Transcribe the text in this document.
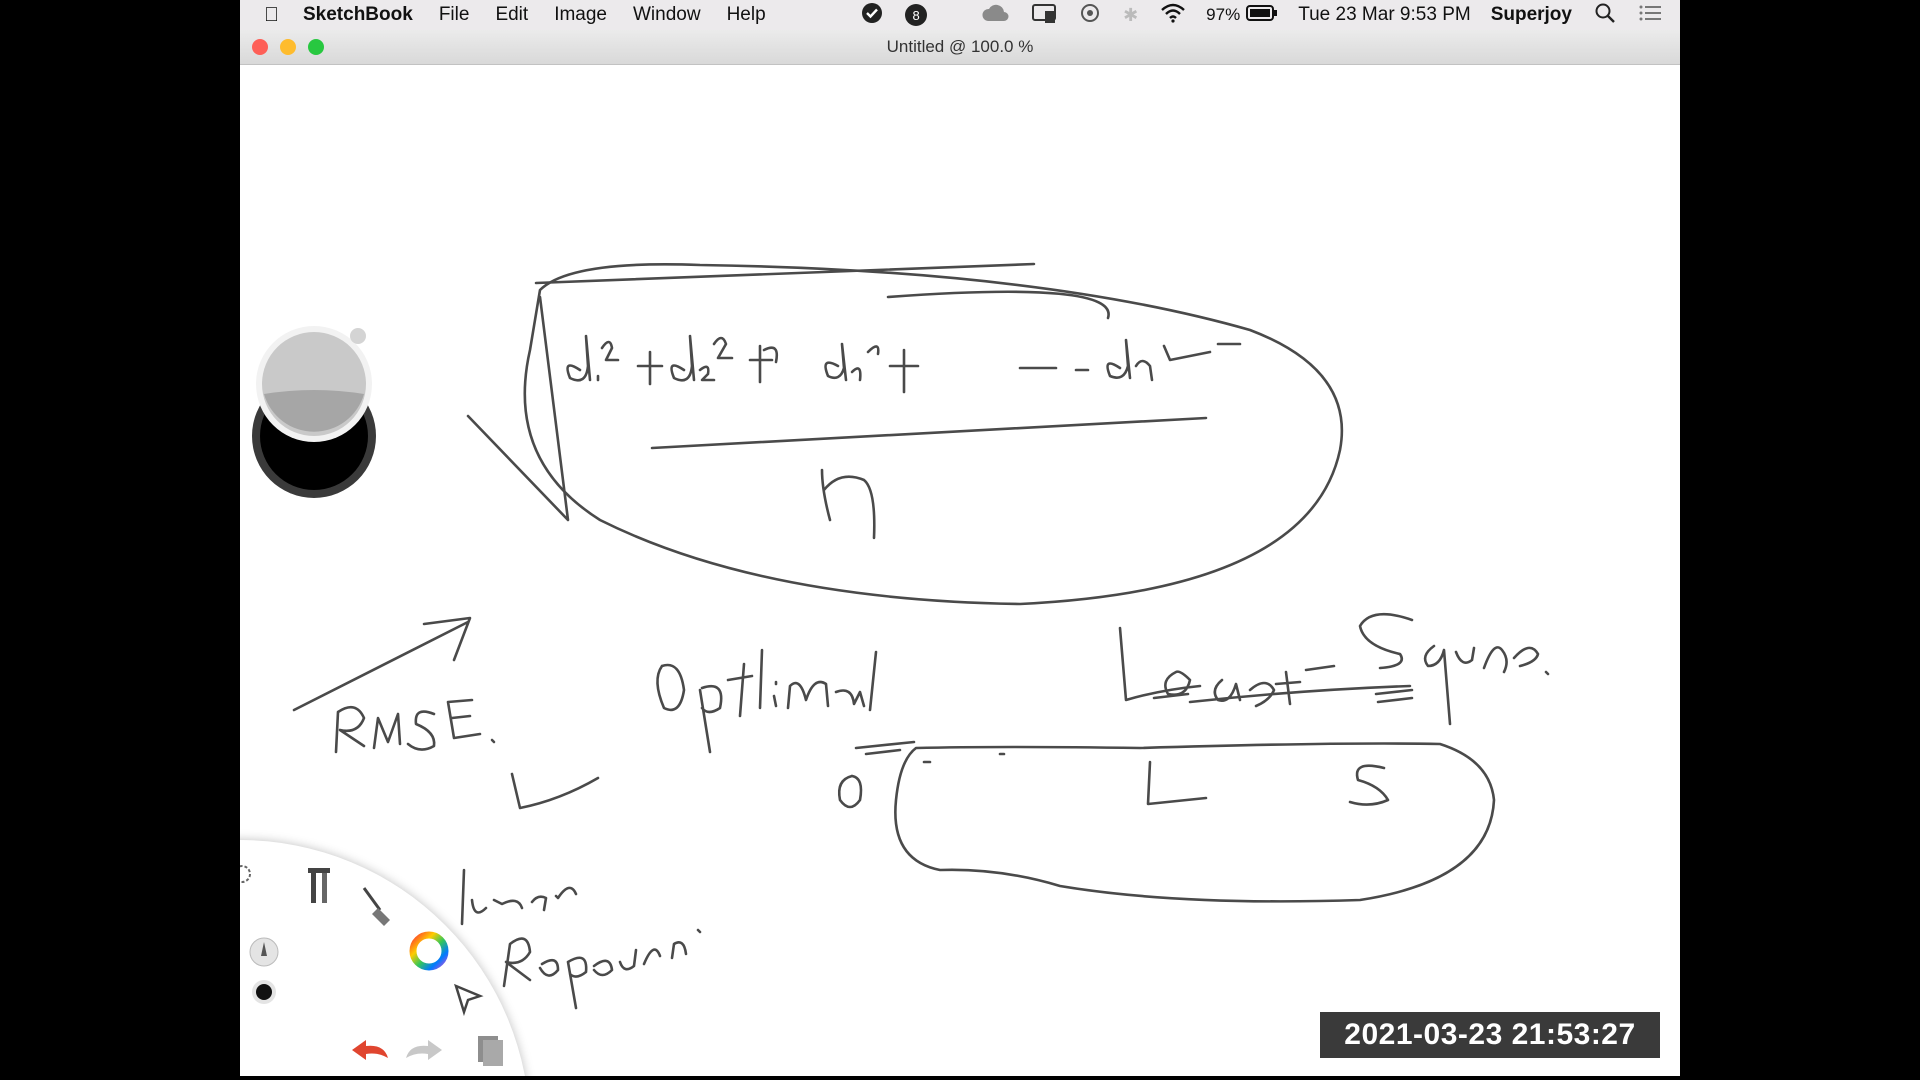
SketchBook File Edit Image Window Help	8	✱	97%	Tue 23 Mar 9:53 PM Superjoy
Untitled @ 100.0 %
2021-03-23 21:53:27
